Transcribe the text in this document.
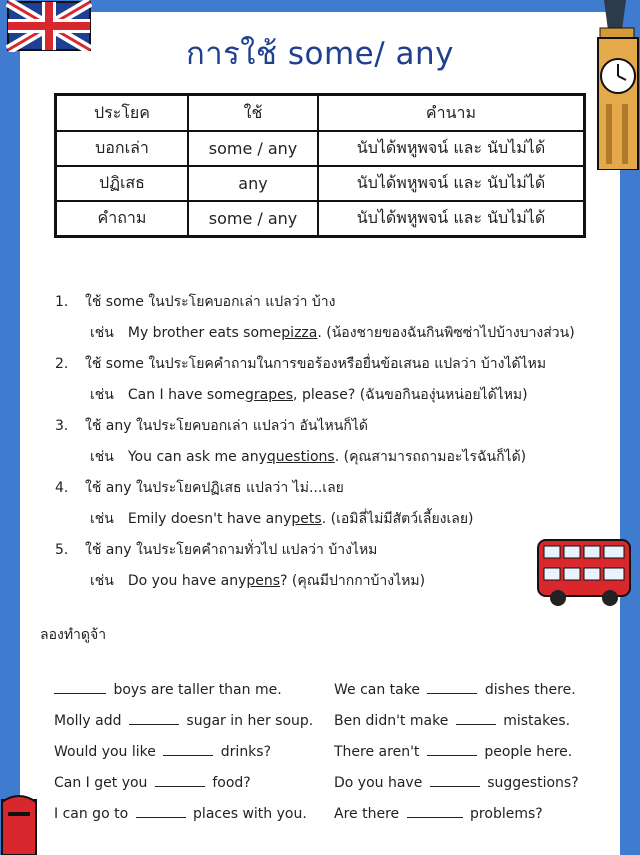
การใช้ some/ any
ประโยค	ใช้	คำนาม
บอกเล่า	some / any	นับได้พหูพจน์ และ นับไม่ได้
ปฏิเสธ	any	นับได้พหูพจน์ และ นับไม่ได้
คำถาม	some / any	นับได้พหูพจน์ และ นับไม่ได้
1.	ใช้ some ในประโยคบอกเล่า แปลว่า บ้าง
เช่น My brother eats some pizza . (น้องชายของฉันกินพิซซ่าไปบ้างบางส่วน)
2.	ใช้ some ในประโยคคำถามในการขอร้องหรือยื่นข้อเสนอ แปลว่า บ้างได้ไหม
เช่น Can I have some grapes , please? (ฉันขอกินองุ่นหน่อยได้ไหม)
3.	ใช้ any ในประโยคบอกเล่า แปลว่า อันไหนก็ได้
เช่น You can ask me any questions . (คุณสามารถถามอะไรฉันก็ได้)
4.	ใช้ any ในประโยคปฏิเสธ แปลว่า ไม่...เลย
เช่น Emily doesn't have any pets . (เอมิลี่ไม่มีสัตว์เลี้ยงเลย)
5.	ใช้ any ในประโยคคำถามทั่วไป แปลว่า บ้างไหม
เช่น Do you have any pens ? (คุณมีปากกาบ้างไหม)
ลองทำดูจ้า
boys are taller than me.
Molly add	sugar in her soup.
Would you like	drinks?
Can I get you	food?
I can go to	places with you.
We can take	dishes there.
Ben didn't make	mistakes.
There aren't	people here.
Do you have	suggestions?
Are there	problems?
